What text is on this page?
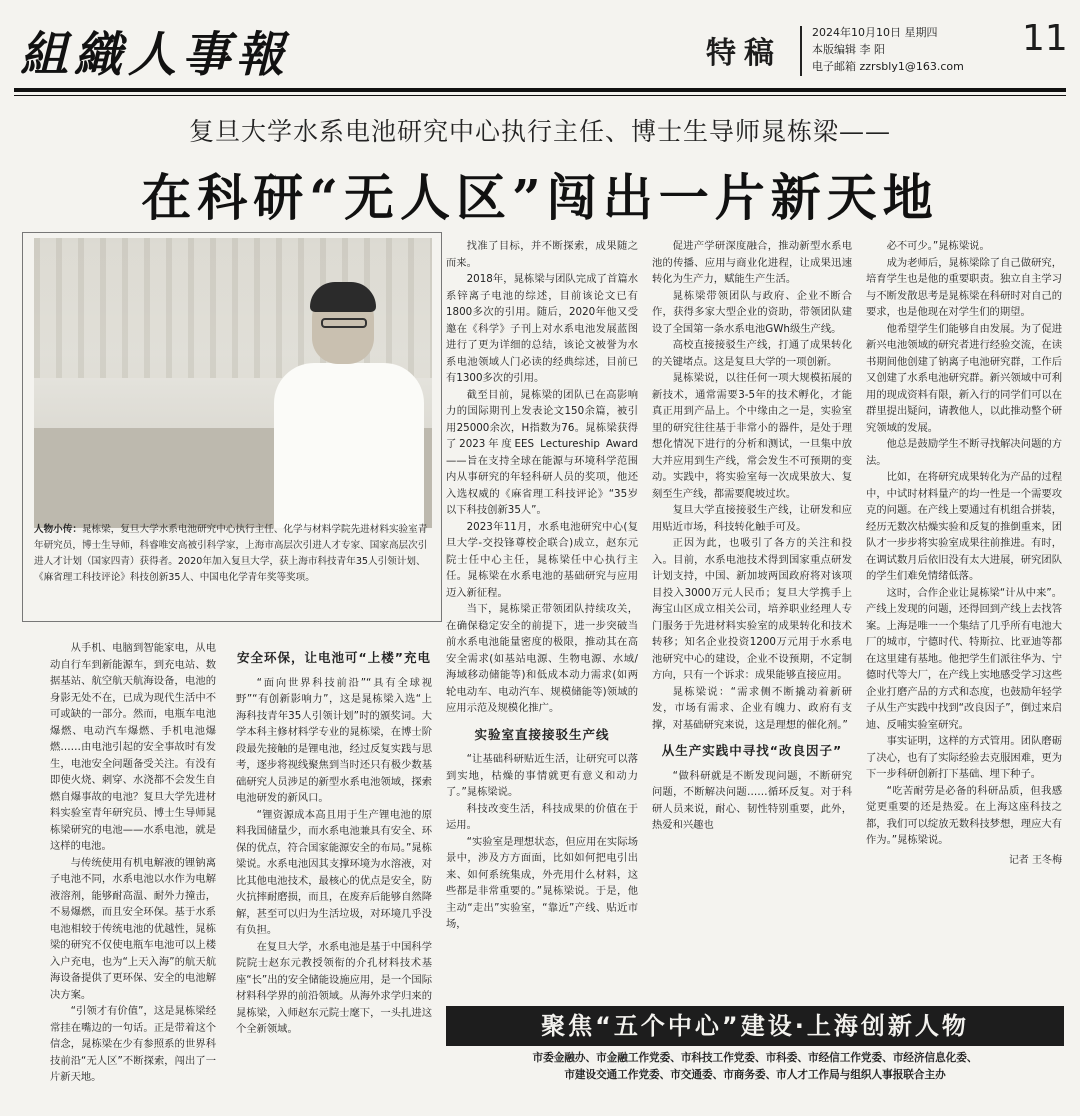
組織人事報	特稿
2024年10月10日 星期四
本版编辑 李 阳
电子邮箱 zzrsbly1@163.com
11
复旦大学水系电池研究中心执行主任、博士生导师晁栋梁——
在科研“无人区”闯出一片新天地
人物小传：晁栋梁，复旦大学水系电池研究中心执行主任、化学与材料学院先进材料实验室青年研究员，博士生导师，科睿唯安高被引科学家，上海市高层次引进人才专家、国家高层次引进人才计划（国家四青）获得者。2020年加入复旦大学，获上海市科技青年35人引领计划、《麻省理工科技评论》科技创新35人、中国电化学青年奖等奖项。

从手机、电脑到智能家电，从电动自行车到新能源车，到充电站、数据基站、航空航天航海设备，电池的身影无处不在，已成为现代生活中不可或缺的一部分。然而，电瓶车电池爆燃、电动汽车爆燃、手机电池爆燃……由电池引起的安全事故时有发生，电池安全问题备受关注。有没有即使火烧、刺穿、水浇都不会发生自燃自爆事故的电池？复旦大学先进材料实验室青年研究员、博士生导师晁栋梁研究的电池——水系电池，就是这样的电池。

与传统使用有机电解液的锂钠离子电池不同，水系电池以水作为电解液溶剂，能够耐高温、耐外力撞击，不易爆燃，而且安全环保。基于水系电池相较于传统电池的优越性，晁栋梁的研究不仅使电瓶车电池可以上楼入户充电，也为“上天入海”的航天航海设备提供了更环保、安全的电池解决方案。

“引领才有价值”，这是晁栋梁经常挂在嘴边的一句话。正是带着这个信念，晁栋梁在少有参照系的世界科技前沿“无人区”不断探索，闯出了一片新天地。

安全环保，让电池可“上楼”充电

“面向世界科技前沿”“具有全球视野”“有创新影响力”，这是晁栋梁入选“上海科技青年35人引领计划”时的颁奖词。大学本科主修材料学专业的晁栋梁，在博士阶段最先接触的是锂电池，经过反复实践与思考，逐步将视线聚焦到当时还只有极少数基础研究人员涉足的新型水系电池领域，探索电池研发的新风口。

“锂资源成本高且用于生产锂电池的原料我国储量少，而水系电池兼具有安全、环保的优点，符合国家能源安全的布局。”晁栋梁说。水系电池因其支撑环境为水溶液，对比其他电池技术，最核心的优点是安全，防火抗摔耐磨损，而且，在废弃后能够自然降解，甚至可以归为生活垃圾，对环境几乎没有负担。

在复旦大学，水系电池是基于中国科学院院士赵东元教授领衔的介孔材料技术基座“长”出的安全储能设施应用，是一个国际材料科学界的前沿领域。从海外求学归来的晁栋梁，入师赵东元院士麾下，一头扎进这个全新领域。

找准了目标，并不断探索，成果随之而来。

2018年，晁栋梁与团队完成了首篇水系锌离子电池的综述，目前该论文已有1800多次的引用。随后，2020年他又受邀在《科学》子刊上对水系电池发展蓝图进行了更为详细的总结，该论文被誉为水系电池领域人门必读的经典综述，目前已有1300多次的引用。

截至目前，晁栋梁的团队已在高影响力的国际期刊上发表论文150余篇，被引用25000余次，H指数为76。晁栋梁获得了2023年度EES Lectureship Award——旨在支持全球在能源与环境科学范围内从事研究的年轻科研人员的奖项，他还入选权威的《麻省理工科技评论》“35岁以下科技创新35人”。

2023年11月，水系电池研究中心(复旦大学-交投锋尊校企联合)成立，赵东元院士任中心主任，晁栋梁任中心执行主任。晁栋梁在水系电池的基础研究与应用迈入新征程。

当下，晁栋梁正带领团队持续攻关，在确保稳定安全的前提下，进一步突破当前水系电池能量密度的极限，推动其在高安全需求(如基站电源、生物电源、水域/海域移动储能等)和低成本动力需求(如两轮电动车、电动汽车、规模储能等)领域的应用示范及规模化推广。

实验室直接接驳生产线

“让基础科研贴近生活，让研究可以落到实地，枯燥的事情就更有意义和动力了。”晁栋梁说。

科技改变生活，科技成果的价值在于运用。

“实验室是理想状态，但应用在实际场景中，涉及方方面面，比如如何把电引出来、如何系统集成，外壳用什么材料，这些都是非常重要的。”晁栋梁说。于是，他主动“走出”实验室，“靠近”产线、贴近市场，

促进产学研深度融合，推动新型水系电池的传播、应用与商业化进程，让成果迅速转化为生产力，赋能生产生活。

晁栋梁带领团队与政府、企业不断合作，获得多家大型企业的资助，带领团队建设了全国第一条水系电池GWh级生产线。

高校直接接驳生产线，打通了成果转化的关键堵点。这是复旦大学的一项创新。

晁栋梁说，以往任何一项大规模拓展的新技术，通常需要3-5年的技术孵化，才能真正用到产品上。个中缘由之一是，实验室里的研究往往基于非常小的器件，是处于理想化情况下进行的分析和测试，一旦集中放大并应用到生产线，常会发生不可预期的变动。实践中，将实验室每一次成果放大、复刻至生产线，都需要爬坡过坎。

复旦大学直接接驳生产线，让研发和应用贴近市场，科技转化触手可及。

正因为此，也吸引了各方的关注和投入。目前，水系电池技术得到国家重点研发计划支持，中国、新加坡两国政府将对该项目投入3000万元人民币；复旦大学携手上海宝山区成立相关公司，培养职业经理人专门服务于先进材料实验室的成果转化和技术转移；知名企业投资1200万元用于水系电池研究中心的建设，企业不设预期，不定制方向，只有一个诉求：成果能够直接应用。

晁栋梁说：“需求侧不断撬动着新研发，市场有需求、企业有魄力、政府有支撑，对基础研究来说，这是理想的催化剂。”

从生产实践中寻找“改良因子”

“做科研就是不断发现问题，不断研究问题，不断解决问题……循环反复。对于科研人员来说，耐心、韧性特别重要，此外，热爱和兴趣也

必不可少。”晁栋梁说。

成为老师后，晁栋梁除了自己做研究，培育学生也是他的重要职责。独立自主学习与不断发散思考是晁栋梁在科研时对自己的要求，也是他现在对学生们的期望。

他希望学生们能够自由发展。为了促进新兴电池领域的研究者进行经验交流，在读书期间他创建了钠离子电池研究群，工作后又创建了水系电池研究群。新兴领域中可利用的现成资料有限，新入行的同学们可以在群里提出疑问，请教他人，以此推动整个研究领域的发展。

他总是鼓励学生不断寻找解决问题的方法。

比如，在将研究成果转化为产品的过程中，中试时材料量产的均一性是一个需要攻克的问题。在产线上要通过有机组合拼装，经历无数次枯燥实验和反复的推倒重来，团队才一步步将实验室成果往前推进。有时，在调试数月后依旧没有太大进展，研究团队的学生们难免情绪低落。

这时，合作企业让晁栋梁“计从中来”。产线上发现的问题，还得回到产线上去找答案。上海是唯一一个集结了几乎所有电池大厂的城市，宁德时代、特斯拉、比亚迪等都在这里建有基地。他把学生们派往华为、宁德时代等大厂，在产线上实地感受学习这些企业打磨产品的方式和态度，也鼓励年轻学子从生产实践中找到“改良因子”，倒过来启迪、反哺实验室研究。

事实证明，这样的方式管用。团队磨砺了决心，也有了实际经验去克服困难，更为下一步科研创新打下基础、埋下种子。

“吃苦耐劳是必备的科研品质，但我感觉更重要的还是热爱。在上海这座科技之都，我们可以绽放无数科技梦想，理应大有作为。”晁栋梁说。

记者 王冬梅
聚焦“五个中心”建设·上海创新人物
市委金融办、市金融工作党委、市科技工作党委、市科委、市经信工作党委、市经济信息化委、
市建设交通工作党委、市交通委、市商务委、市人才工作局与组织人事报联合主办
